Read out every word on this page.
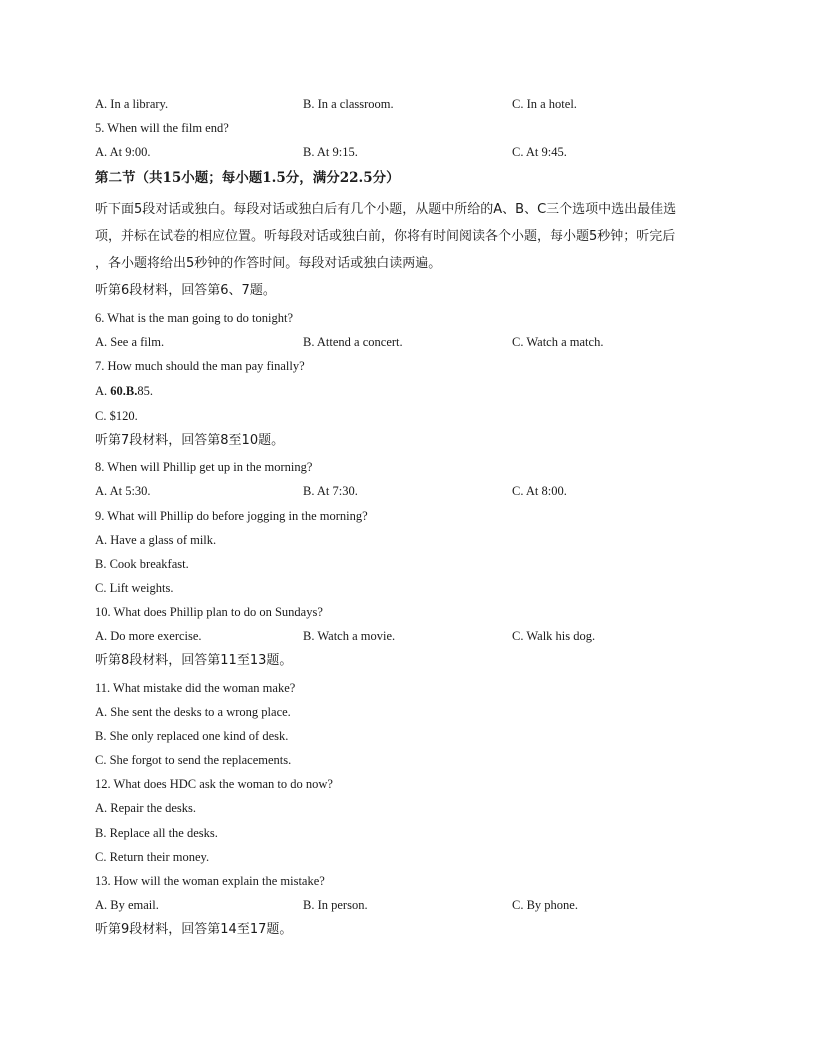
A. In a library.	B. In a classroom.	C. In a hotel.
5. When will the film end?
A. At 9:00.	B. At 9:15.	C. At 9:45.
第二节（共15小题；每小题1.5分，满分22.5分）
听下面5段对话或独白。每段对话或独白后有几个小题，从题中所给的A、B、C三个选项中选出最佳选
项，并标在试卷的相应位置。听每段对话或独白前，你将有时间阅读各个小题，每小题5秒钟；听完后
，各小题将给出5秒钟的作答时间。每段对话或独白读两遍。
听第6段材料，回答第6、7题。
6. What is the man going to do tonight?
A. See a film.	B. Attend a concert.	C. Watch a match.
7. How much should the man pay finally?
A. 60.B.85.
C. $120.
听第7段材料，回答第8至10题。
8. When will Phillip get up in the morning?
A. At 5:30.	B. At 7:30.	C. At 8:00.
9. What will Phillip do before jogging in the morning?
A. Have a glass of milk.
B. Cook breakfast.
C. Lift weights.
10. What does Phillip plan to do on Sundays?
A. Do more exercise.	B. Watch a movie.	C. Walk his dog.
听第8段材料，回答第11至13题。
11. What mistake did the woman make?
A. She sent the desks to a wrong place.
B. She only replaced one kind of desk.
C. She forgot to send the replacements.
12. What does HDC ask the woman to do now?
A. Repair the desks.
B. Replace all the desks.
C. Return their money.
13. How will the woman explain the mistake?
A. By email.	B. In person.	C. By phone.
听第9段材料，回答第14至17题。
